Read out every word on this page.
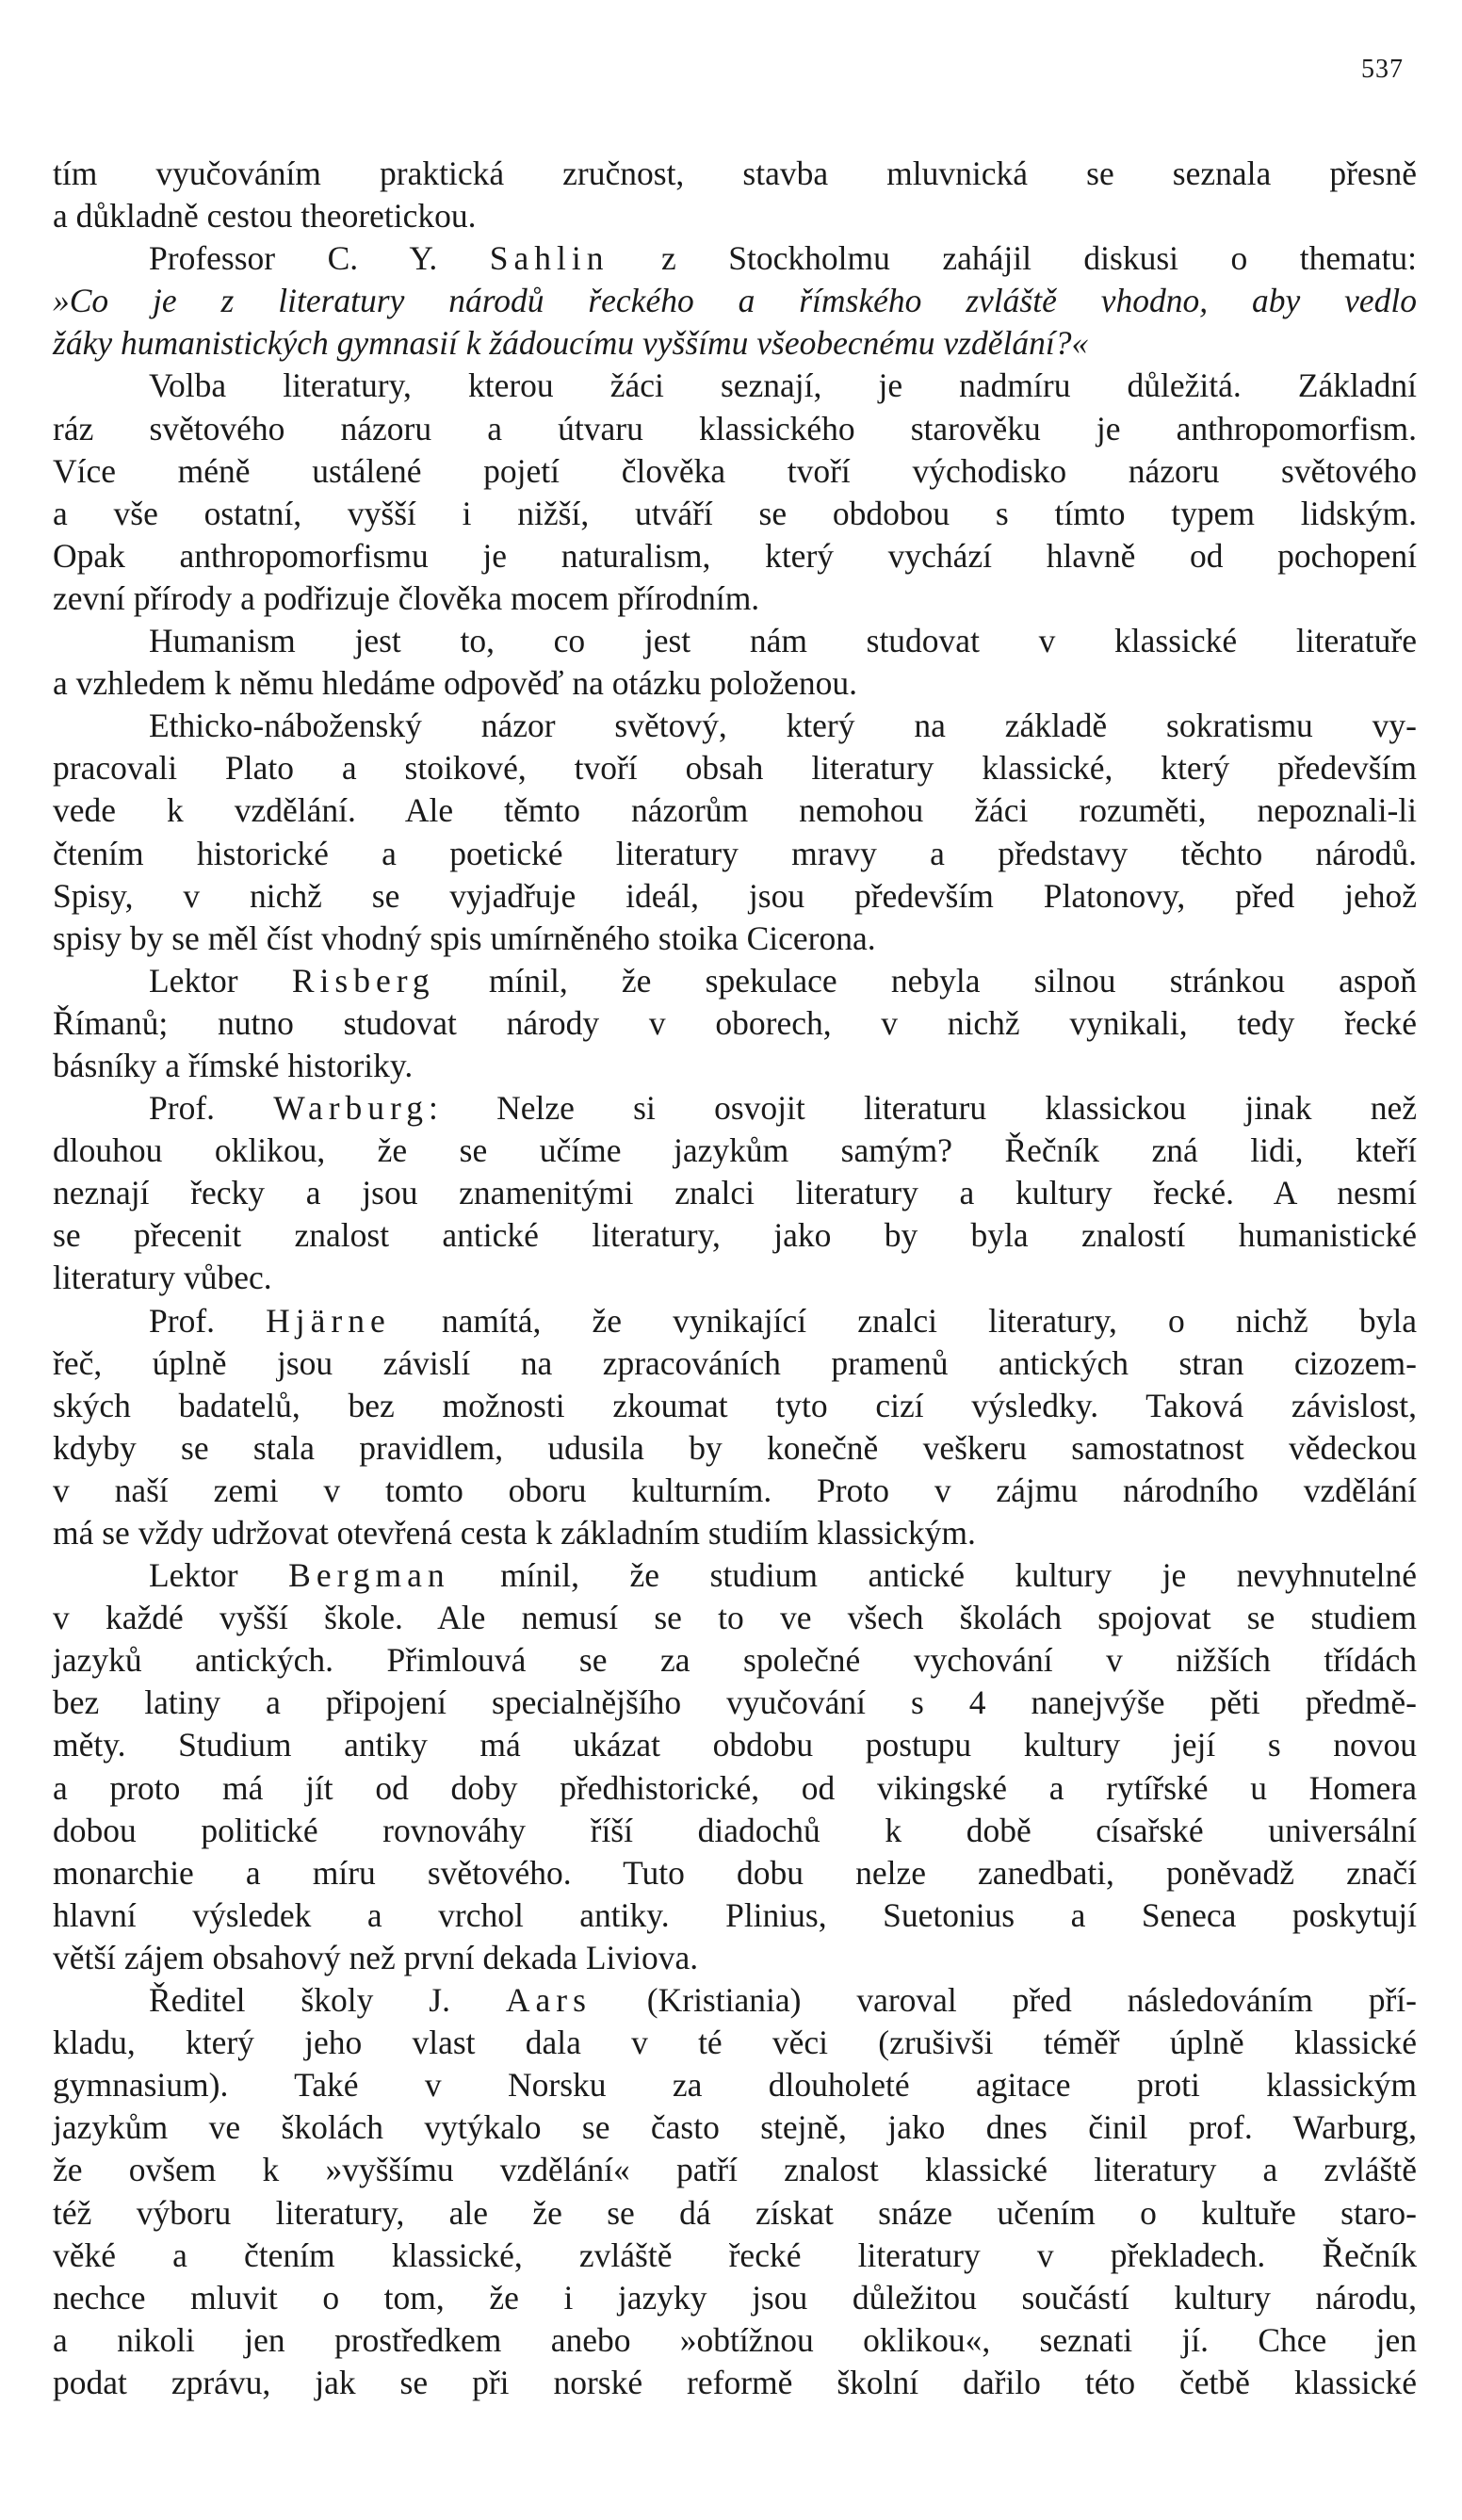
537
tím vyučováním praktická zručnost, stavba mluvnická se seznala přesně
a důkladně cestou theoretickou.
Professor C. Y. Sahlin z Stockholmu zahájil diskusi o thematu:
»Co je z literatury národů řeckého a římského zvláště vhodno, aby vedlo
žáky humanistických gymnasií k žádoucímu vyššímu všeobecnému vzdělání?«
Volba literatury, kterou žáci seznají, je nadmíru důležitá. Základní
ráz světového názoru a útvaru klassického starověku je anthropomorfism.
Více méně ustálené pojetí člověka tvoří východisko názoru světového
a vše ostatní, vyšší i nižší, utváří se obdobou s tímto typem lidským.
Opak anthropomorfismu je naturalism, který vychází hlavně od pochopení
zevní přírody a podřizuje člověka mocem přírodním.
Humanism jest to, co jest nám studovat v klassické literatuře
a vzhledem k němu hledáme odpověď na otázku položenou.
Ethicko-náboženský názor světový, který na základě sokratismu vy-
pracovali Plato a stoikové, tvoří obsah literatury klassické, který především
vede k vzdělání. Ale těmto názorům nemohou žáci rozuměti, nepoznali-li
čtením historické a poetické literatury mravy a představy těchto národů.
Spisy, v nichž se vyjadřuje ideál, jsou především Platonovy, před jehož
spisy by se měl číst vhodný spis umírněného stoika Cicerona.
Lektor Risberg mínil, že spekulace nebyla silnou stránkou aspoň
Římanů; nutno studovat národy v oborech, v nichž vynikali, tedy řecké
básníky a římské historiky.
Prof. Warburg: Nelze si osvojit literaturu klassickou jinak než
dlouhou oklikou, že se učíme jazykům samým? Řečník zná lidi, kteří
neznají řecky a jsou znamenitými znalci literatury a kultury řecké. A nesmí
se přecenit znalost antické literatury, jako by byla znalostí humanistické
literatury vůbec.
Prof. Hjärne namítá, že vynikající znalci literatury, o nichž byla
řeč, úplně jsou závislí na zpracováních pramenů antických stran cizozem-
ských badatelů, bez možnosti zkoumat tyto cizí výsledky. Taková závislost,
kdyby se stala pravidlem, udusila by konečně veškeru samostatnost vědeckou
v naší zemi v tomto oboru kulturním. Proto v zájmu národního vzdělání
má se vždy udržovat otevřená cesta k základním studiím klassickým.
Lektor Bergman mínil, že studium antické kultury je nevyhnutelné
v každé vyšší škole. Ale nemusí se to ve všech školách spojovat se studiem
jazyků antických. Přimlouvá se za společné vychování v nižších třídách
bez latiny a připojení specialnějšího vyučování s 4 nanejvýše pěti předmě-
měty. Studium antiky má ukázat obdobu postupu kultury její s novou
a proto má jít od doby předhistorické, od vikingské a rytířské u Homera
dobou politické rovnováhy říší diadochů k době císařské universální
monarchie a míru světového. Tuto dobu nelze zanedbati, poněvadž značí
hlavní výsledek a vrchol antiky. Plinius, Suetonius a Seneca poskytují
větší zájem obsahový než první dekada Liviova.
Ředitel školy J. Aars (Kristiania) varoval před následováním pří-
kladu, který jeho vlast dala v té věci (zrušivši téměř úplně klassické
gymnasium). Také v Norsku za dlouholeté agitace proti klassickým
jazykům ve školách vytýkalo se často stejně, jako dnes činil prof. Warburg,
že ovšem k »vyššímu vzdělání« patří znalost klassické literatury a zvláště
též výboru literatury, ale že se dá získat snáze učením o kultuře staro-
věké a čtením klassické, zvláště řecké literatury v překladech. Řečník
nechce mluvit o tom, že i jazyky jsou důležitou součástí kultury národu,
a nikoli jen prostředkem anebo »obtížnou oklikou«, seznati jí. Chce jen
podat zprávu, jak se při norské reformě školní dařilo této četbě klassické
